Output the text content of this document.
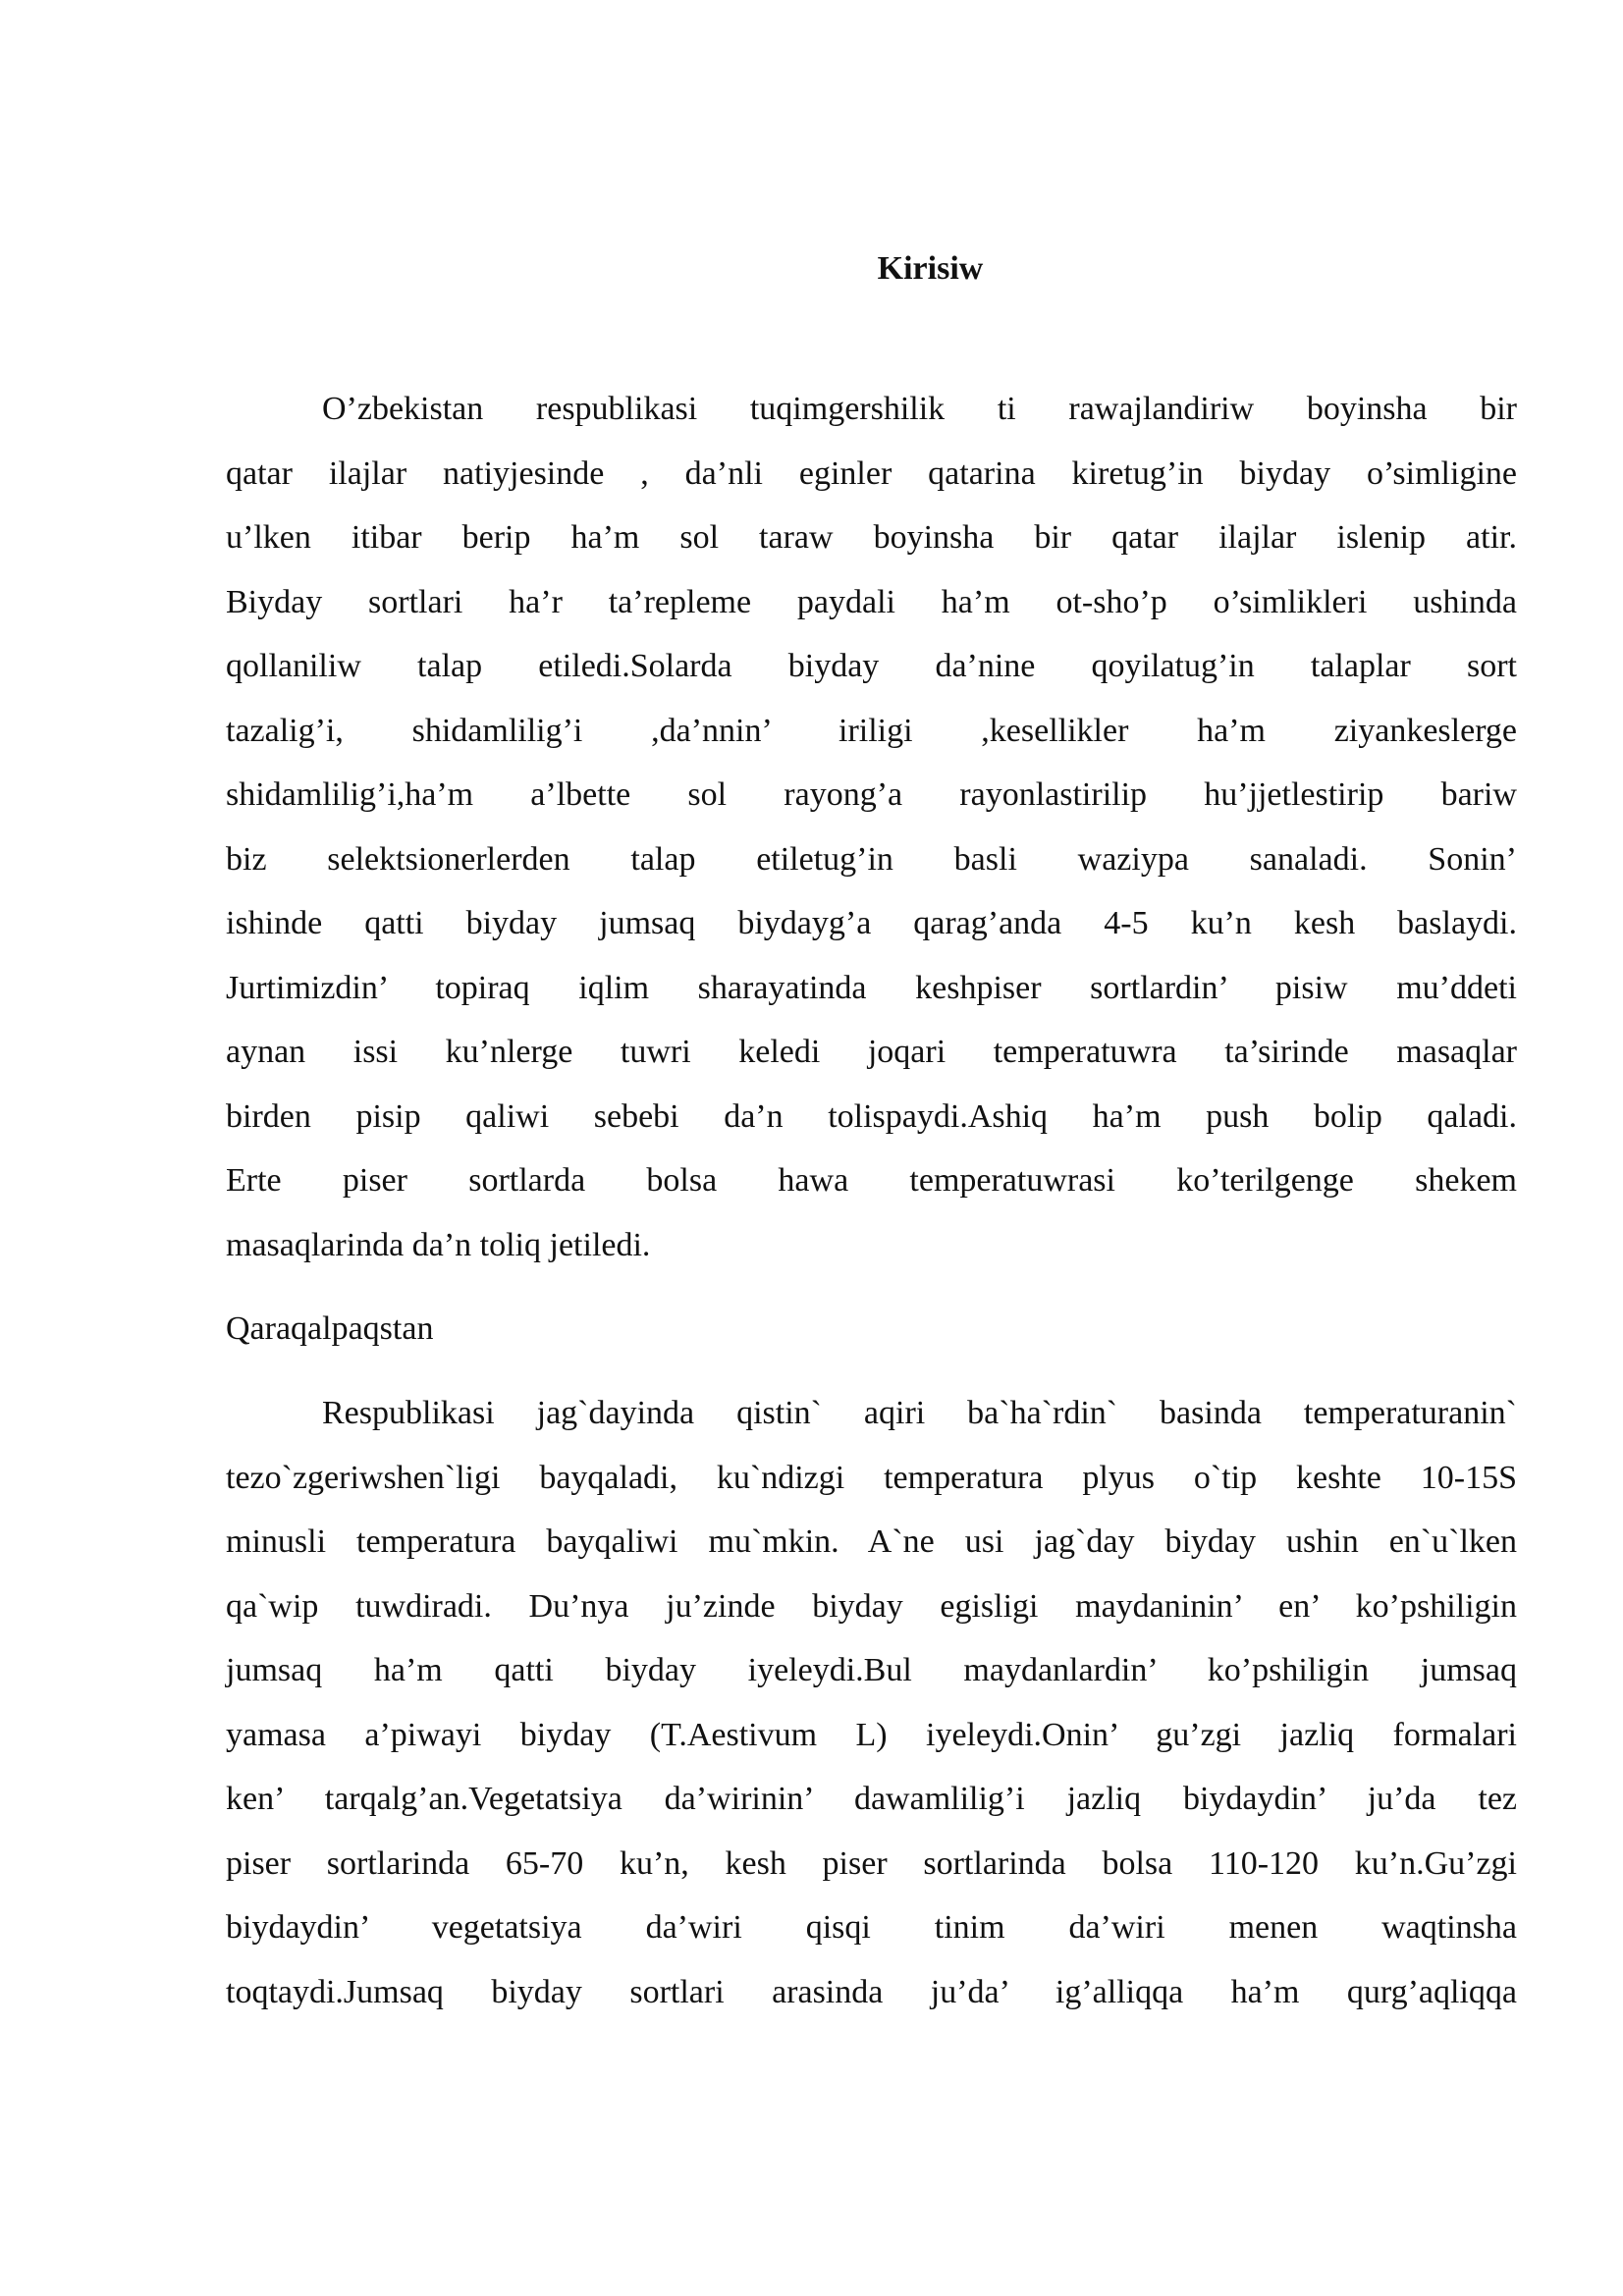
Kirisiw
O’zbekistan respublikasi tuqimgershilik ti rawajlandiriw boyinsha bir
qatar ilajlar natiyjesinde , da’nli eginler qatarina kiretug’in biyday o’simligine
u’lken itibar berip ha’m sol taraw boyinsha bir qatar ilajlar islenip atir.
Biyday sortlari ha’r ta’repleme paydali ha’m ot-sho’p o’simlikleri ushinda
qollaniliw talap etiledi.Solarda biyday da’nine qoyilatug’in talaplar sort
tazalig’i, shidamlilig’i ,da’nnin’ iriligi ,kesellikler ha’m ziyankeslerge
shidamlilig’i,ha’m a’lbette sol rayong’a rayonlastirilip hu’jjetlestirip bariw
biz selektsionerlerden talap etiletug’in basli waziypa sanaladi. Sonin’
ishinde qatti biyday jumsaq biydayg’a qarag’anda 4-5 ku’n kesh baslaydi.
Jurtimizdin’ topiraq iqlim sharayatinda keshpiser sortlardin’ pisiw mu’ddeti
aynan issi ku’nlerge tuwri keledi joqari temperatuwra ta’sirinde masaqlar
birden pisip qaliwi sebebi da’n tolispaydi.Ashiq ha’m push bolip qaladi.
Erte piser sortlarda bolsa hawa temperatuwrasi ko’terilgenge shekem
masaqlarinda da’n toliq jetiledi.
Qaraqalpaqstan
Respublikasi jag`dayinda qistin` aqiri ba`ha`rdin` basinda temperaturanin`
tezo`zgeriwshen`ligi bayqaladi, ku`ndizgi temperatura plyus o`tip keshte 10-15S
minusli temperatura bayqaliwi mu`mkin. A`ne usi jag`day biyday ushin en`u`lken
qa`wip tuwdiradi. Du’nya ju’zinde biyday egisligi maydaninin’ en’ ko’pshiligin
jumsaq ha’m qatti biyday iyeleydi.Bul maydanlardin’ ko’pshiligin jumsaq
yamasa a’piwayi biyday (T.Aestivum L) iyeleydi.Onin’ gu’zgi jazliq formalari
ken’ tarqalg’an.Vegetatsiya da’wirinin’ dawamlilig’i jazliq biydaydin’ ju’da tez
piser sortlarinda 65-70 ku’n, kesh piser sortlarinda bolsa 110-120 ku’n.Gu’zgi
biydaydin’ vegetatsiya da’wiri qisqi tinim da’wiri menen waqtinsha
toqtaydi.Jumsaq biyday sortlari arasinda ju’da’ ig’alliqqa ha’m qurg’aqliqqa
